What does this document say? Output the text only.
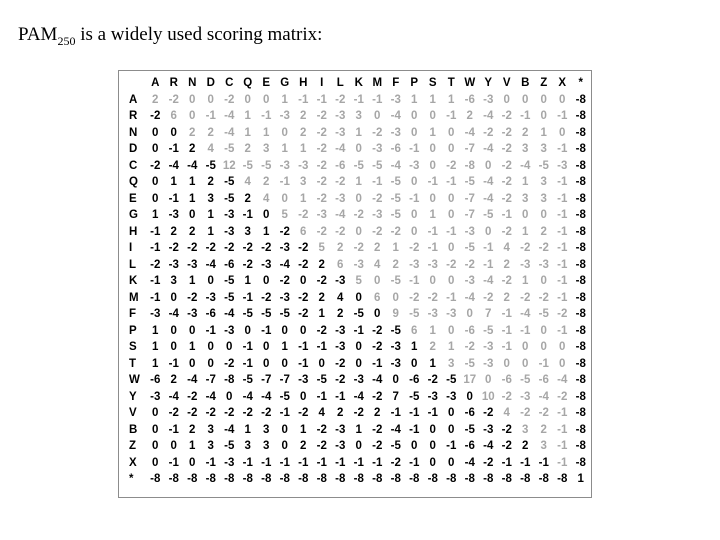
$PAM_{250}$ is a widely used scoring matrix:
	A	R	N	D	C	Q	E	G	H	I	L	K	M	F	P	S	T	W	Y	V	B	Z	X	*
A	2	-2	0	0	-2	0	0	1	-1	-1	-2	-1	-1	-3	1	1	1	-6	-3	0	0	0	0	-8
R	-2	6	0	-1	-4	1	-1	-3	2	-2	-3	3	0	-4	0	0	-1	2	-4	-2	-1	0	-1	-8
N	0	0	2	2	-4	1	1	0	2	-2	-3	1	-2	-3	0	1	0	-4	-2	-2	2	1	0	-8
D	0	-1	2	4	-5	2	3	1	1	-2	-4	0	-3	-6	-1	0	0	-7	-4	-2	3	3	-1	-8
C	-2	-4	-4	-5	12	-5	-5	-3	-3	-2	-6	-5	-5	-4	-3	0	-2	-8	0	-2	-4	-5	-3	-8
Q	0	1	1	2	-5	4	2	-1	3	-2	-2	1	-1	-5	0	-1	-1	-5	-4	-2	1	3	-1	-8
E	0	-1	1	3	-5	2	4	0	1	-2	-3	0	-2	-5	-1	0	0	-7	-4	-2	3	3	-1	-8
G	1	-3	0	1	-3	-1	0	5	-2	-3	-4	-2	-3	-5	0	1	0	-7	-5	-1	0	0	-1	-8
H	-1	2	2	1	-3	3	1	-2	6	-2	-2	0	-2	-2	0	-1	-1	-3	0	-2	1	2	-1	-8
I	-1	-2	-2	-2	-2	-2	-2	-3	-2	5	2	-2	2	1	-2	-1	0	-5	-1	4	-2	-2	-1	-8
L	-2	-3	-3	-4	-6	-2	-3	-4	-2	2	6	-3	4	2	-3	-3	-2	-2	-1	2	-3	-3	-1	-8
K	-1	3	1	0	-5	1	0	-2	0	-2	-3	5	0	-5	-1	0	0	-3	-4	-2	1	0	-1	-8
M	-1	0	-2	-3	-5	-1	-2	-3	-2	2	4	0	6	0	-2	-2	-1	-4	-2	2	-2	-2	-1	-8
F	-3	-4	-3	-6	-4	-5	-5	-5	-2	1	2	-5	0	9	-5	-3	-3	0	7	-1	-4	-5	-2	-8
P	1	0	0	-1	-3	0	-1	0	0	-2	-3	-1	-2	-5	6	1	0	-6	-5	-1	-1	0	-1	-8
S	1	0	1	0	0	-1	0	1	-1	-1	-3	0	-2	-3	1	2	1	-2	-3	-1	0	0	0	-8
T	1	-1	0	0	-2	-1	0	0	-1	0	-2	0	-1	-3	0	1	3	-5	-3	0	0	-1	0	-8
W	-6	2	-4	-7	-8	-5	-7	-7	-3	-5	-2	-3	-4	0	-6	-2	-5	17	0	-6	-5	-6	-4	-8
Y	-3	-4	-2	-4	0	-4	-4	-5	0	-1	-1	-4	-2	7	-5	-3	-3	0	10	-2	-3	-4	-2	-8
V	0	-2	-2	-2	-2	-2	-2	-1	-2	4	2	-2	2	-1	-1	-1	0	-6	-2	4	-2	-2	-1	-8
B	0	-1	2	3	-4	1	3	0	1	-2	-3	1	-2	-4	-1	0	0	-5	-3	-2	3	2	-1	-8
Z	0	0	1	3	-5	3	3	0	2	-2	-3	0	-2	-5	0	0	-1	-6	-4	-2	2	3	-1	-8
X	0	-1	0	-1	-3	-1	-1	-1	-1	-1	-1	-1	-1	-2	-1	0	0	-4	-2	-1	-1	-1	-1	-8
*	-8	-8	-8	-8	-8	-8	-8	-8	-8	-8	-8	-8	-8	-8	-8	-8	-8	-8	-8	-8	-8	-8	-8	1
